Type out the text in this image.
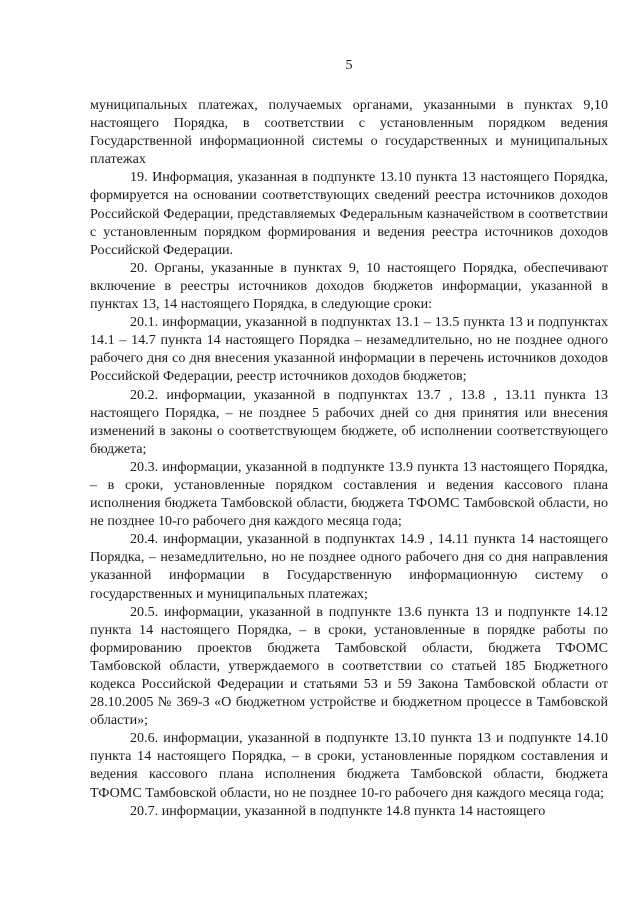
5

муниципальных платежах, получаемых органами, указанными в пунктах 9,10 настоящего Порядка, в соответствии с установленным порядком ведения Государственной информационной системы о государственных и муниципальных платежах

19. Информация, указанная в подпункте 13.10 пункта 13 настоящего Порядка, формируется на основании соответствующих сведений реестра источников доходов Российской Федерации, представляемых Федеральным казначейством в соответствии с установленным порядком формирования и ведения реестра источников доходов Российской Федерации.

20. Органы, указанные в пунктах 9, 10 настоящего Порядка, обеспечивают включение в реестры источников доходов бюджетов информации, указанной в пунктах 13, 14 настоящего Порядка, в следующие сроки:

20.1. информации, указанной в подпунктах 13.1 – 13.5 пункта 13 и подпунктах 14.1 – 14.7 пункта 14 настоящего Порядка – незамедлительно, но не позднее одного рабочего дня со дня внесения указанной информации в перечень источников доходов Российской Федерации, реестр источников доходов бюджетов;

20.2. информации, указанной в подпунктах 13.7 , 13.8 , 13.11 пункта 13 настоящего Порядка, – не позднее 5 рабочих дней со дня принятия или внесения изменений в законы о соответствующем бюджете, об исполнении соответствующего бюджета;

20.3. информации, указанной в подпункте 13.9 пункта 13 настоящего Порядка, – в сроки, установленные порядком составления и ведения кассового плана исполнения бюджета Тамбовской области, бюджета ТФОМС Тамбовской области, но не позднее 10-го рабочего дня каждого месяца года;

20.4. информации, указанной в подпунктах 14.9 , 14.11 пункта 14 настоящего Порядка, – незамедлительно, но не позднее одного рабочего дня со дня направления указанной информации в Государственную информационную систему о государственных и муниципальных платежах;

20.5. информации, указанной в подпункте 13.6 пункта 13 и подпункте 14.12 пункта 14 настоящего Порядка, – в сроки, установленные в порядке работы по формированию проектов бюджета Тамбовской области, бюджета ТФОМС Тамбовской области, утверждаемого в соответствии со статьей 185 Бюджетного кодекса Российской Федерации и статьями 53 и 59 Закона Тамбовской области от 28.10.2005 № 369-З «О бюджетном устройстве и бюджетном процессе в Тамбовской области»;

20.6. информации, указанной в подпункте 13.10 пункта 13 и подпункте 14.10 пункта 14 настоящего Порядка, – в сроки, установленные порядком составления и ведения кассового плана исполнения бюджета Тамбовской области, бюджета ТФОМС Тамбовской области, но не позднее 10-го рабочего дня каждого месяца года;

20.7. информации, указанной в подпункте 14.8 пункта 14 настоящего
